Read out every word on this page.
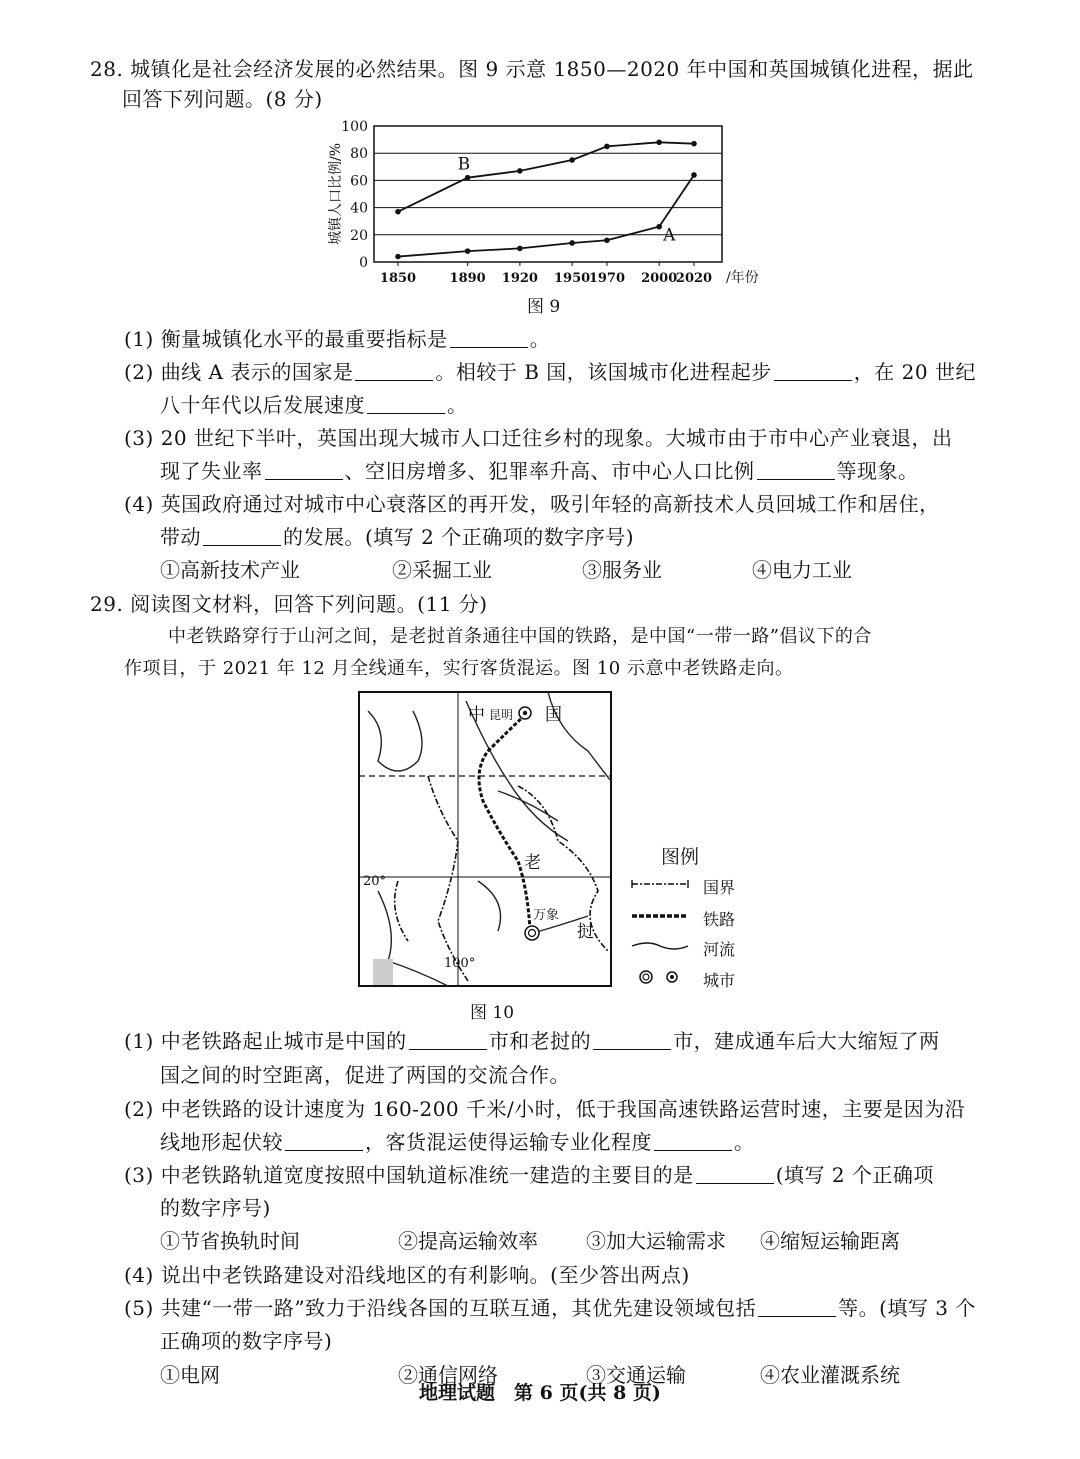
28. 城镇化是社会经济发展的必然结果。图 9 示意 1850—2020 年中国和英国城镇化进程，据此
回答下列问题。(8 分)
0
20
40
60
80
100
1850	1890 1920 1950
1970 2000
2020 /年份
城镇人口比例/%	B
A
图 9
(1) 衡量城镇化水平的最重要指标是	。
(2) 曲线 A 表示的国家是	。相较于 B 国，该国城市化进程起步	，在 20 世纪
八十年代以后发展速度	。
(3) 20 世纪下半叶，英国出现大城市人口迁往乡村的现象。大城市由于市中心产业衰退，出
现了失业率	、空旧房增多、犯罪率升高、市中心人口比例	等现象。
(4) 英国政府通过对城市中心衰落区的再开发，吸引年轻的高新技术人员回城工作和居住，
带动	的发展。(填写 2 个正确项的数字序号)
①高新技术产业	②采掘工业	③服务业	④电力工业
29. 阅读图文材料，回答下列问题。(11 分)
中老铁路穿行于山河之间，是老挝首条通往中国的铁路，是中国“一带一路”倡议下的合
作项目，于 2021 年 12 月全线通车，实行客货混运。图 10 示意中老铁路走向。
中 昆明 国
老
万象
挝
20°
100°
图例
国界
铁路
河流
城市
图 10
(1) 中老铁路起止城市是中国的	市和老挝的	市，建成通车后大大缩短了两
国之间的时空距离，促进了两国的交流合作。
(2) 中老铁路的设计速度为 160-200 千米/小时，低于我国高速铁路运营时速，主要是因为沿
线地形起伏较	，客货混运使得运输专业化程度	。
(3) 中老铁路轨道宽度按照中国轨道标准统一建造的主要目的是	(填写 2 个正确项
的数字序号)
①节省换轨时间	②提高运输效率 ③加大运输需求 ④缩短运输距离
(4) 说出中老铁路建设对沿线地区的有利影响。(至少答出两点)
(5) 共建“一带一路”致力于沿线各国的互联互通，其优先建设领域包括	等。(填写 3 个
正确项的数字序号)
①电网	②通信网络	③交通运输	④农业灌溉系统
地理试题　第 6 页(共 8 页)
